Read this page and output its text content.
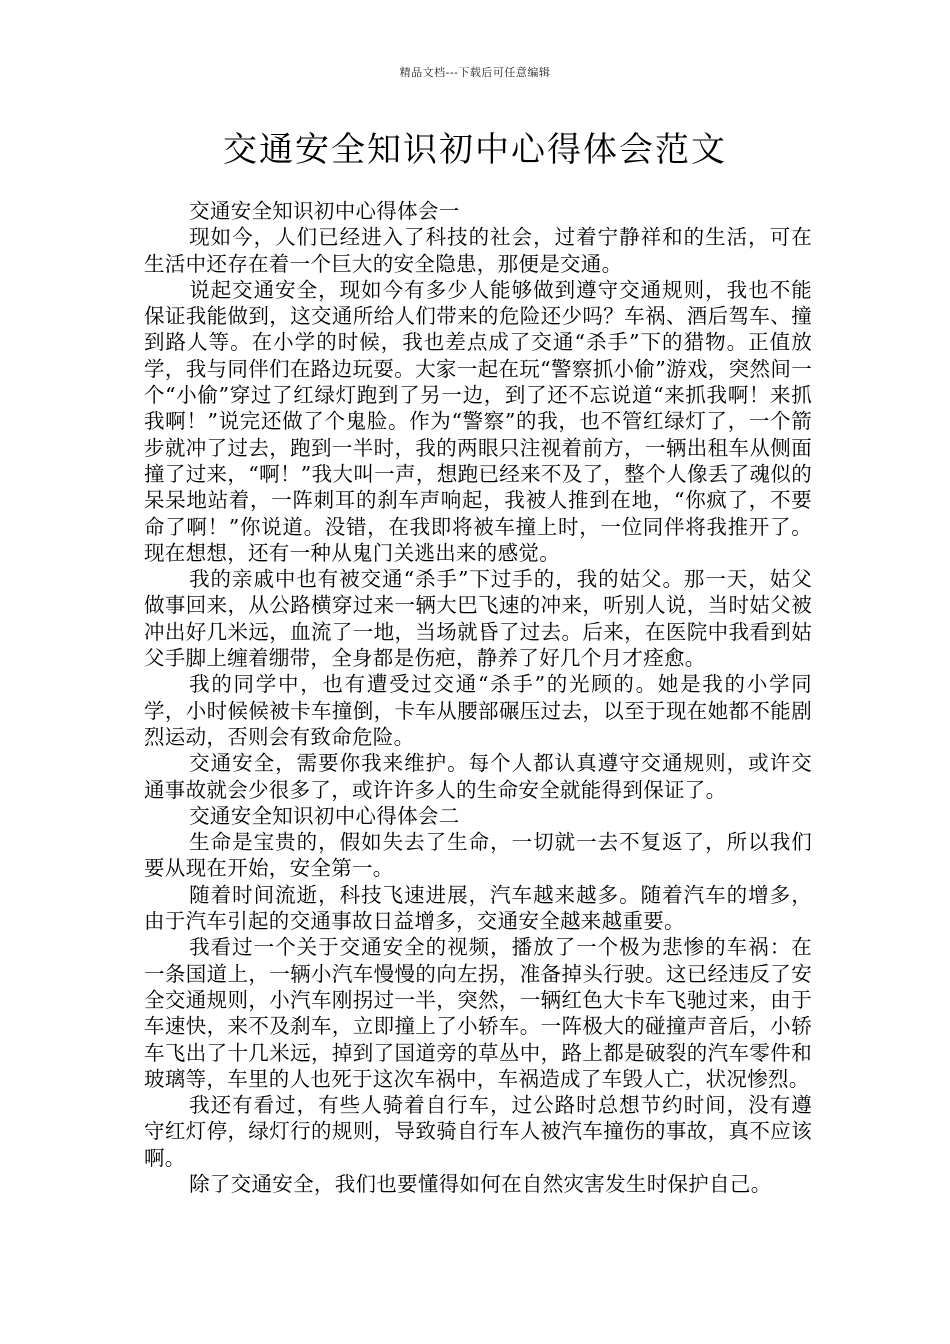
精品文档---下载后可任意编辑
交通安全知识初中心得体会范文

交通安全知识初中心得体会一

现如今，人们已经进入了科技的社会，过着宁静祥和的生活，可在生活中还存在着一个巨大的安全隐患，那便是交通。

说起交通安全，现如今有多少人能够做到遵守交通规则，我也不能保证我能做到，这交通所给人们带来的危险还少吗？车祸、酒后驾车、撞到路人等。在小学的时候，我也差点成了交通“杀手”下的猎物。正值放学，我与同伴们在路边玩耍。大家一起在玩“警察抓小偷”游戏，突然间一个“小偷”穿过了红绿灯跑到了另一边，到了还不忘说道“来抓我啊！来抓我啊！”说完还做了个鬼脸。作为“警察”的我，也不管红绿灯了，一个箭步就冲了过去，跑到一半时，我的两眼只注视着前方，一辆出租车从侧面撞了过来，“啊！”我大叫一声，想跑已经来不及了，整个人像丢了魂似的呆呆地站着，一阵刺耳的刹车声响起，我被人推到在地，“你疯了，不要命了啊！”你说道。没错，在我即将被车撞上时，一位同伴将我推开了。现在想想，还有一种从鬼门关逃出来的感觉。

我的亲戚中也有被交通“杀手”下过手的，我的姑父。那一天，姑父做事回来，从公路横穿过来一辆大巴飞速的冲来，听别人说，当时姑父被冲出好几米远，血流了一地，当场就昏了过去。后来，在医院中我看到姑父手脚上缠着绷带，全身都是伤疤，静养了好几个月才痊愈。

我的同学中，也有遭受过交通“杀手”的光顾的。她是我的小学同学，小时候候被卡车撞倒，卡车从腰部碾压过去，以至于现在她都不能剧烈运动，否则会有致命危险。

交通安全，需要你我来维护。每个人都认真遵守交通规则，或许交通事故就会少很多了，或许许多人的生命安全就能得到保证了。

交通安全知识初中心得体会二

生命是宝贵的，假如失去了生命，一切就一去不复返了，所以我们要从现在开始，安全第一。

随着时间流逝，科技飞速进展，汽车越来越多。随着汽车的增多，由于汽车引起的交通事故日益增多，交通安全越来越重要。

我看过一个关于交通安全的视频，播放了一个极为悲惨的车祸：在一条国道上，一辆小汽车慢慢的向左拐，准备掉头行驶。这已经违反了安全交通规则，小汽车刚拐过一半，突然，一辆红色大卡车飞驰过来，由于车速快，来不及刹车，立即撞上了小轿车。一阵极大的碰撞声音后，小轿车飞出了十几米远，掉到了国道旁的草丛中，路上都是破裂的汽车零件和玻璃等，车里的人也死于这次车祸中，车祸造成了车毁人亡，状况惨烈。

我还有看过，有些人骑着自行车，过公路时总想节约时间，没有遵守红灯停，绿灯行的规则，导致骑自行车人被汽车撞伤的事故，真不应该啊。

除了交通安全，我们也要懂得如何在自然灾害发生时保护自己。
